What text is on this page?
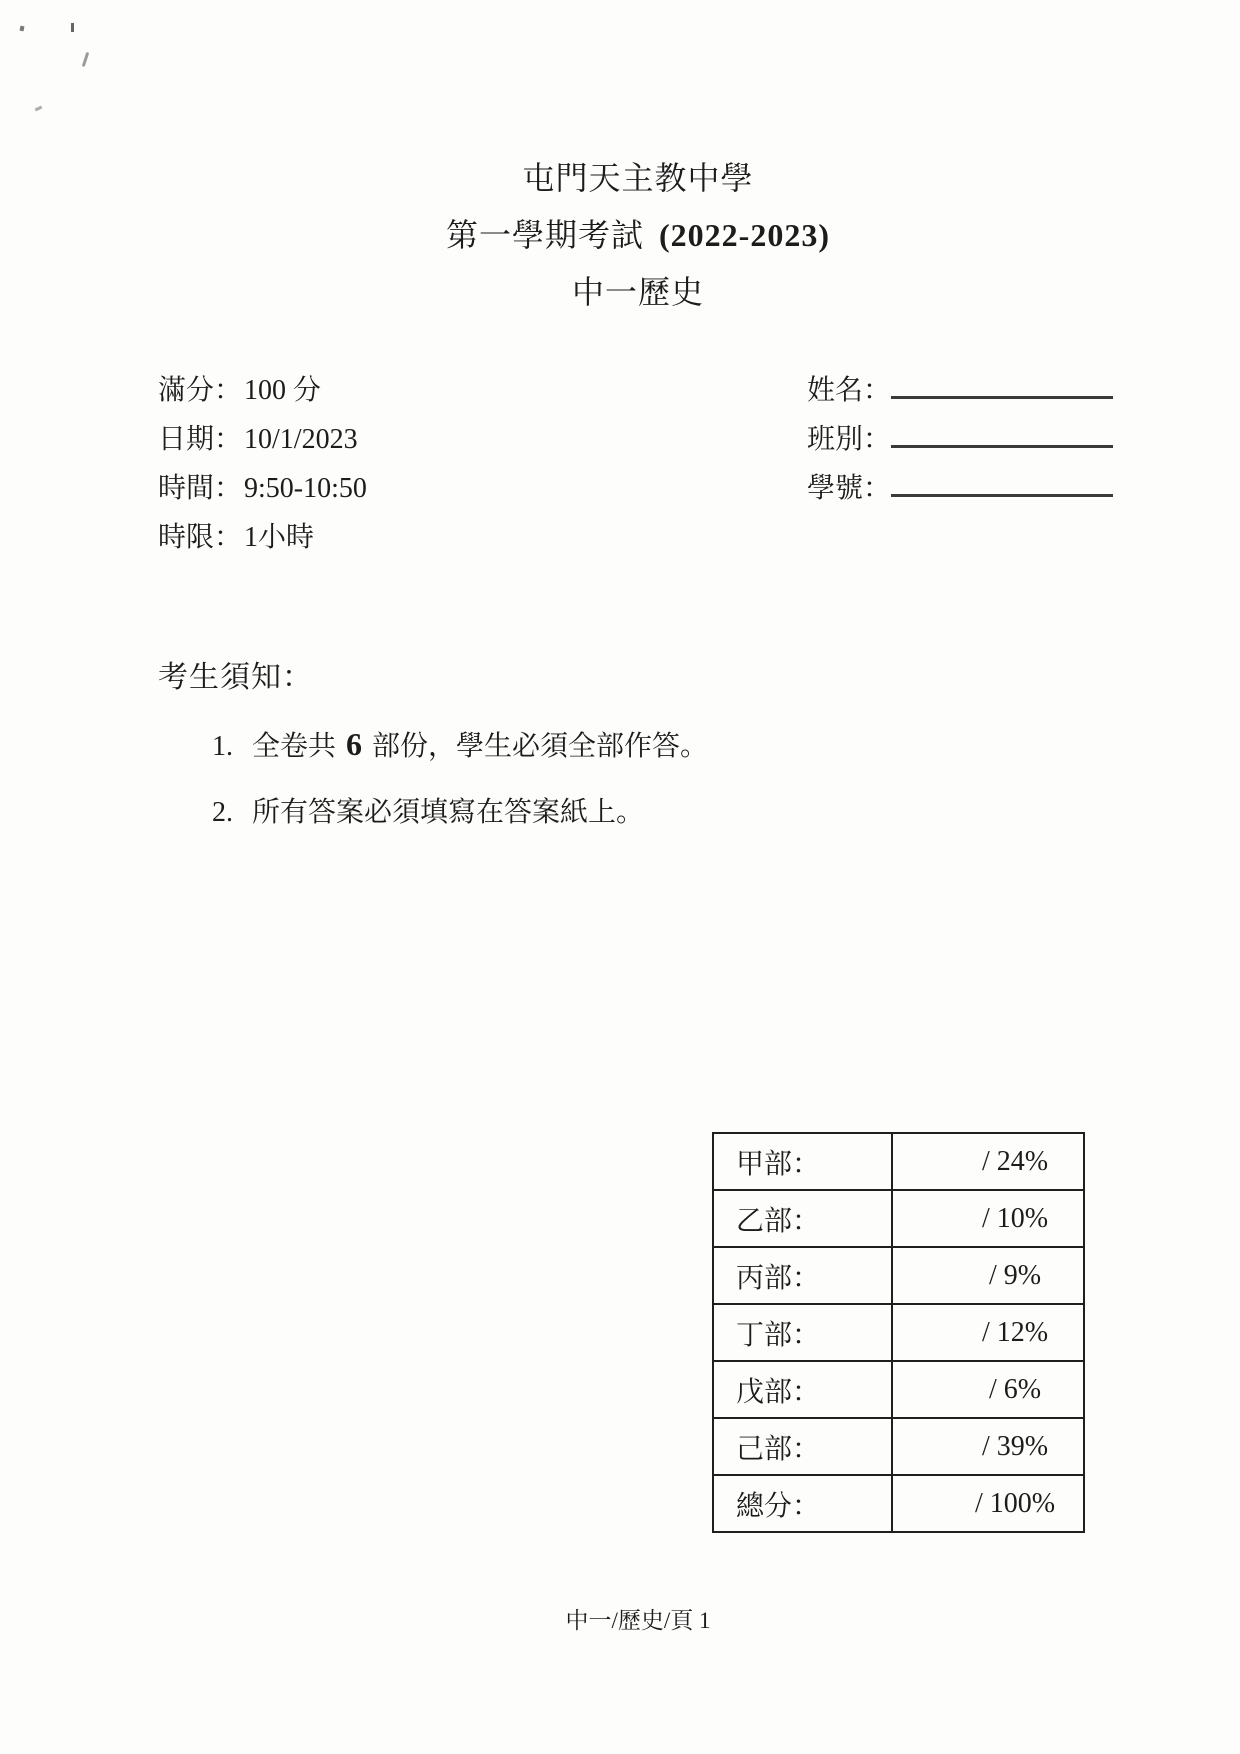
屯門天主教中學
第一學期考試 (2022-2023)
中一歷史
滿分：100 分
日期：10/1/2023
時間：9:50-10:50
時限：1小時
姓名：
班別：
學號：
考生須知：
1. 全卷共 6 部份，學生必須全部作答。
2. 所有答案必須填寫在答案紙上。
甲部：	/ 24%
乙部：	/ 10%
丙部：	/ 9%
丁部：	/ 12%
戊部：	/ 6%
己部：	/ 39%
總分：	/ 100%
中一/歷史/頁 1
